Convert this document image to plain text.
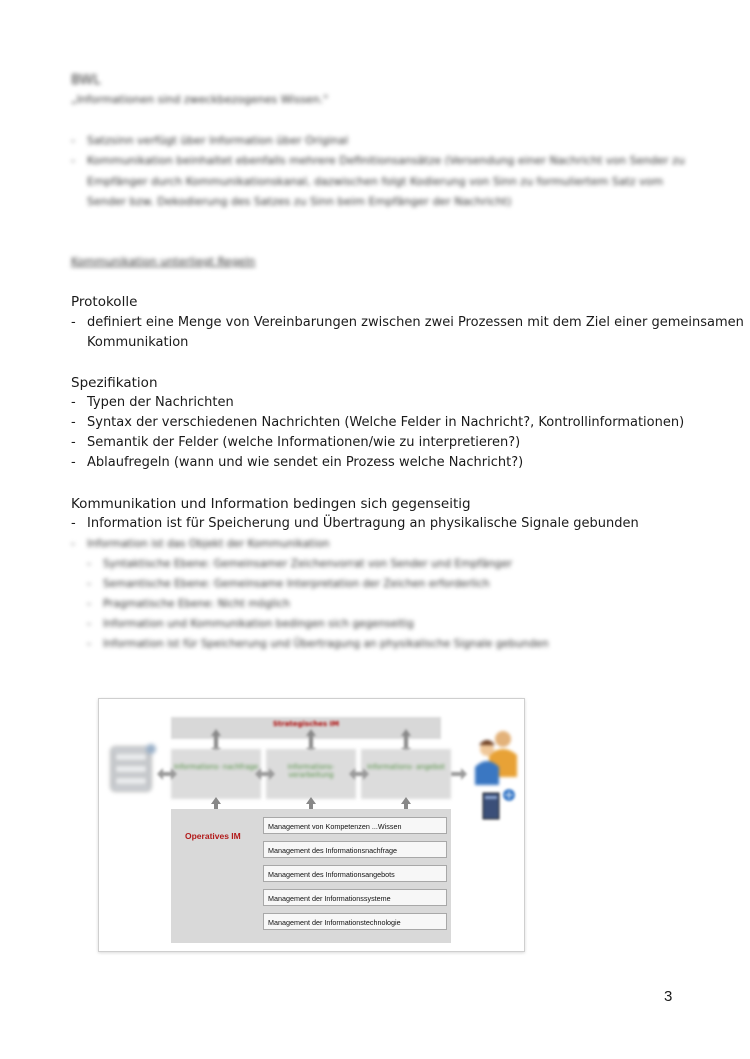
BWL
„Informationen sind zweckbezogenes Wissen."
- Satzsinn verfügt über Information über Original
- Kommunikation beinhaltet ebenfalls mehrere Definitionsansätze (Versendung einer Nachricht von Sender zu
Empfänger durch Kommunikationskanal, dazwischen folgt Kodierung von Sinn zu formuliertem Satz vom
Sender bzw. Dekodierung des Satzes zu Sinn beim Empfänger der Nachricht)
Kommunikation unterliegt Regeln
Protokolle
- definiert eine Menge von Vereinbarungen zwischen zwei Prozessen mit dem Ziel einer gemeinsamen
Kommunikation
Spezifikation
- Typen der Nachrichten
- Syntax der verschiedenen Nachrichten (Welche Felder in Nachricht?, Kontrollinformationen)
- Semantik der Felder (welche Informationen/wie zu interpretieren?)
- Ablaufregeln (wann und wie sendet ein Prozess welche Nachricht?)
Kommunikation und Information bedingen sich gegenseitig
- Information ist für Speicherung und Übertragung an physikalische Signale gebunden
- Information ist das Objekt der Kommunikation
- Syntaktische Ebene: Gemeinsamer Zeichenvorrat von Sender und Empfänger
- Semantische Ebene: Gemeinsame Interpretation der Zeichen erforderlich
- Pragmatische Ebene: Nicht möglich
- Information und Kommunikation bedingen sich gegenseitig
- Information ist für Speicherung und Übertragung an physikalische Signale gebunden
Strategisches IM
Informations- nachfrage	Informations- verarbeitung
Informations- angebot
Operatives IM
Management von Kompetenzen ...Wissen
Management des Informationsnachfrage
Management des Informationsangebots
Management der Informationssysteme
Management der Informationstechnologie
3
